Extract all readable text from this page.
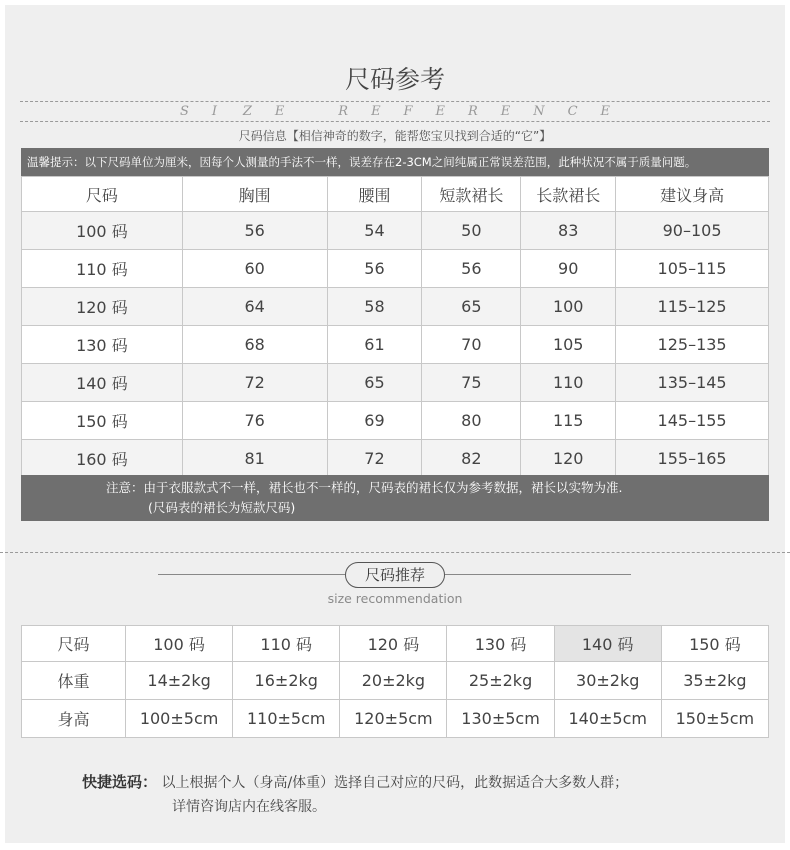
尺码参考
S I Z E	R E F E R E N C E
尺码信息【相信神奇的数字，能帮您宝贝找到合适的“它”】
温馨提示：以下尺码单位为厘米，因每个人测量的手法不一样，误差存在2-3CM之间纯属正常误差范围，此种状况不属于质量问题。
尺码	胸围	腰围	短款裙长	长款裙长	建议身高
100 码	56	54	50	83	90–105
110 码	60	56	56	90	105–115
120 码	64	58	65	100	115–125
130 码	68	61	70	105	125–135
140 码	72	65	75	110	135–145
150 码	76	69	80	115	145–155
160 码	81	72	82	120	155–165
注意：由于衣服款式不一样，裙长也不一样的，尺码表的裙长仅为参考数据，裙长以实物为准.
(尺码表的裙长为短款尺码)
尺码推荐
size recommendation
尺码	100 码	110 码	120 码	130 码	140 码	150 码
体重	14±2kg	16±2kg	20±2kg	25±2kg	30±2kg	35±2kg
身高	100±5cm	110±5cm	120±5cm	130±5cm	140±5cm	150±5cm
快捷选码： 以上根据个人（身高/体重）选择自己对应的尺码，此数据适合大多数人群；
详情咨询店内在线客服。
